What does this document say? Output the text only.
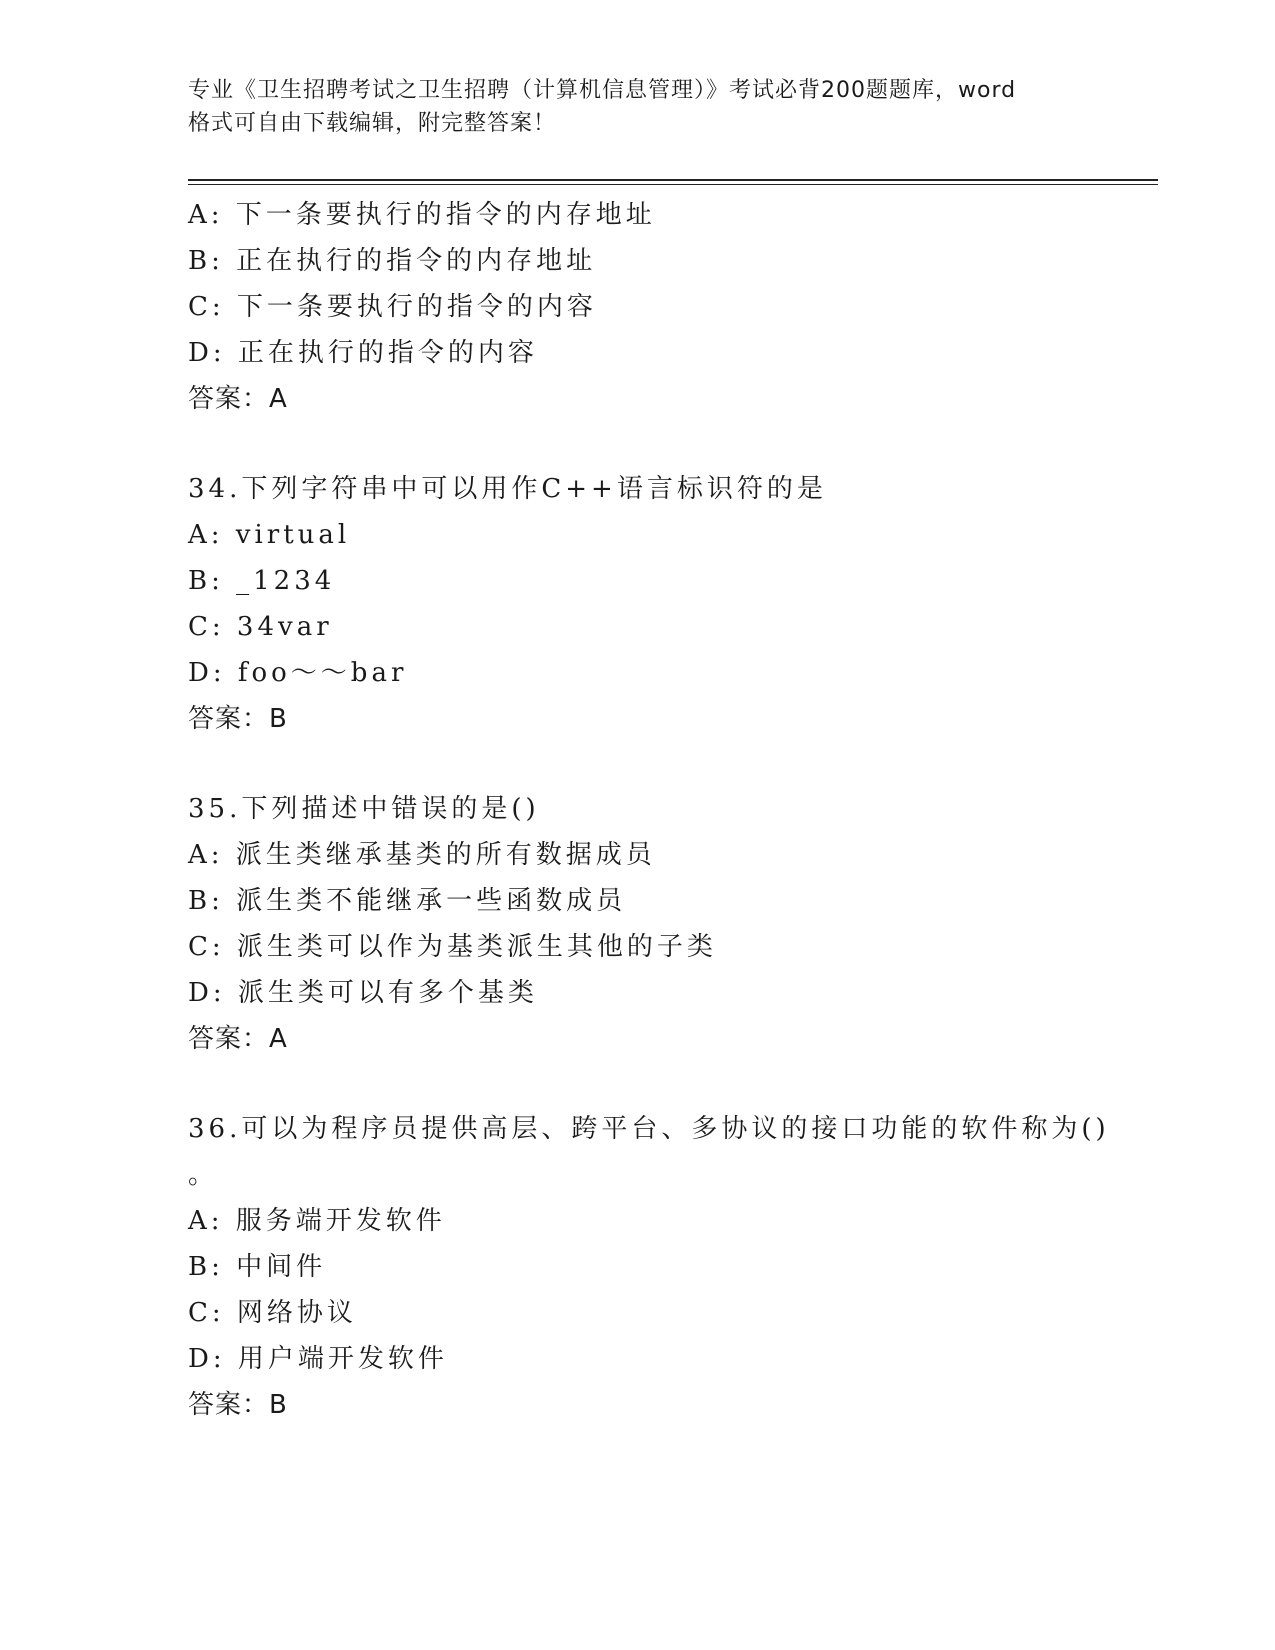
专业《卫生招聘考试之卫生招聘（计算机信息管理）》考试必背200题题库，word
格式可自由下载编辑，附完整答案！
A: 下一条要执行的指令的内存地址
B: 正在执行的指令的内存地址
C: 下一条要执行的指令的内容
D: 正在执行的指令的内容
答案：A
34.下列字符串中可以用作C++语言标识符的是
A: virtual
B: _1234
C: 34var
D: foo～～bar
答案：B
35.下列描述中错误的是()
A: 派生类继承基类的所有数据成员
B: 派生类不能继承一些函数成员
C: 派生类可以作为基类派生其他的子类
D: 派生类可以有多个基类
答案：A
36.可以为程序员提供高层、跨平台、多协议的接口功能的软件称为()
。
A: 服务端开发软件
B: 中间件
C: 网络协议
D: 用户端开发软件
答案：B
